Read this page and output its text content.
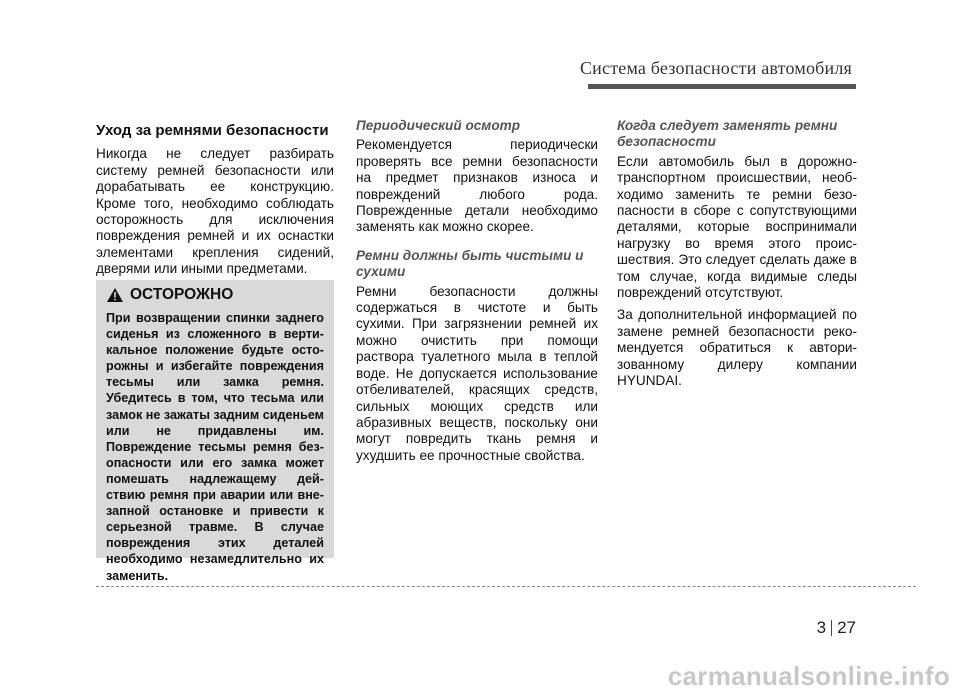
Система безопасности автомобиля
Уход за ремнями безопасности

Никогда не следует разбирать систему ремней безопасности или дорабатывать ее конструкцию. Кроме того, необходимо соблюдать осторожность для исключения повреждения ремней и их оснастки элементами крепления сидений, дверями или иными предметами.

ОСТОРОЖНО

При возвращении спинки заднего сиденья из сложенного в верти-кальное положение будьте осто-рожны и избегайте повреждения тесьмы или замка ремня. Убедитесь в том, что тесьма или замок не зажаты задним сиденьем или не придавлены им. Повреждение тесьмы ремня без-опасности или его замка может помешать надлежащему дей-ствию ремня при аварии или вне-запной остановке и привести к серьезной травме. В случае повреждения этих деталей необходимо незамедлительно их заменить.

Периодический осмотр

Рекомендуется периодически проверять все ремни безопасности на предмет признаков износа и повреждений любого рода. Поврежденные детали необходимо заменять как можно скорее.

Ремни должны быть чистыми и сухими

Ремни безопасности должны содержаться в чистоте и быть сухими. При загрязнении ремней их можно очистить при помощи раствора туалетного мыла в теплой воде. Не допускается использование отбеливателей, красящих средств, сильных моющих средств или абразивных веществ, поскольку они могут повредить ткань ремня и ухудшить ее прочностные свойства.

Когда следует заменять ремни безопасности

Если автомобиль был в дорожно-транспортном происшествии, необ-ходимо заменить те ремни безо-пасности в сборе с сопутствующими деталями, которые воспринимали нагрузку во время этого проис-шествия. Это следует сделать даже в том случае, когда видимые следы повреждений отсутствуют.

За дополнительной информацией по замене ремней безопасности реко-мендуется обратиться к автори-зованному дилеру компании HYUNDAI.

3 27
carmanualsonline.info
